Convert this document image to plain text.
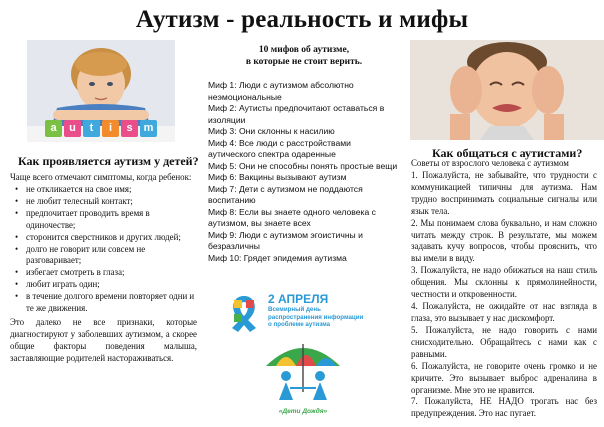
Аутизм - реальность и мифы
a	u	t	i	s	m
Как проявляется аутизм у детей?
Чаще всего отмечают симптомы, когда ребенок:
• не откликается на свое имя;
• не любит телесный контакт;
• предпочитает проводить время в одиночестве;
• сторонится сверстников и других людей;
• долго не говорит или совсем не разговаривает;
• избегает смотреть в глаза;
• любит играть один;
• в течение долгого времени повторяет одни и те же движения.
Это далеко не все признаки, которые диагностируют у заболевших аутизмом, а скорее общие факторы поведения малыша, заставляющие родителей настораживаться.
10 мифов об аутизме,
в которые не стоит верить.
Миф 1: Люди с аутизмом абсолютно неэмоциональные
Миф 2: Аутисты предпочитают оставаться в изоляции
Миф 3: Они склонны к насилию
Миф 4: Все люди с расстройствами аутического спектра одаренные
Миф 5: Они не способны понять простые вещи
Миф 6: Вакцины вызывают аутизм
Миф 7: Дети с аутизмом не поддаются воспитанию
Миф 8: Если вы знаете одного человека с аутизмом, вы знаете всех
Миф 9: Люди с аутизмом эгоистичны и безразличны
Миф 10: Грядет эпидемия аутизма
2 АПРЕЛЯ
Всемирный день
распространения информации
о проблеме аутизма
«Дети Дождя»
Как общаться с аутистами?

Советы от взрослого человека с аутизмом

1. Пожалуйста, не забывайте, что трудности с коммуникацией типичны для аутизма. Нам трудно воспринимать социальные сигналы или язык тела.

2. Мы понимаем слова буквально, и нам сложно читать между строк. В результате, мы можем задавать кучу вопросов, чтобы прояснить, что вы имели в виду.

3. Пожалуйста, не надо обижаться на наш стиль общения. Мы склонны к прямолинейности, честности и откровенности.

4. Пожалуйста, не ожидайте от нас взгляда в глаза, это вызывает у нас дискомфорт.

5. Пожалуйста, не надо говорить с нами снисходительно. Обращайтесь с нами как с равными.

6. Пожалуйста, не говорите очень громко и не кричите. Это вызывает выброс адреналина в организме. Мне это не нравится.

7. Пожалуйста, НЕ НАДО трогать нас без предупреждения. Это нас пугает.
